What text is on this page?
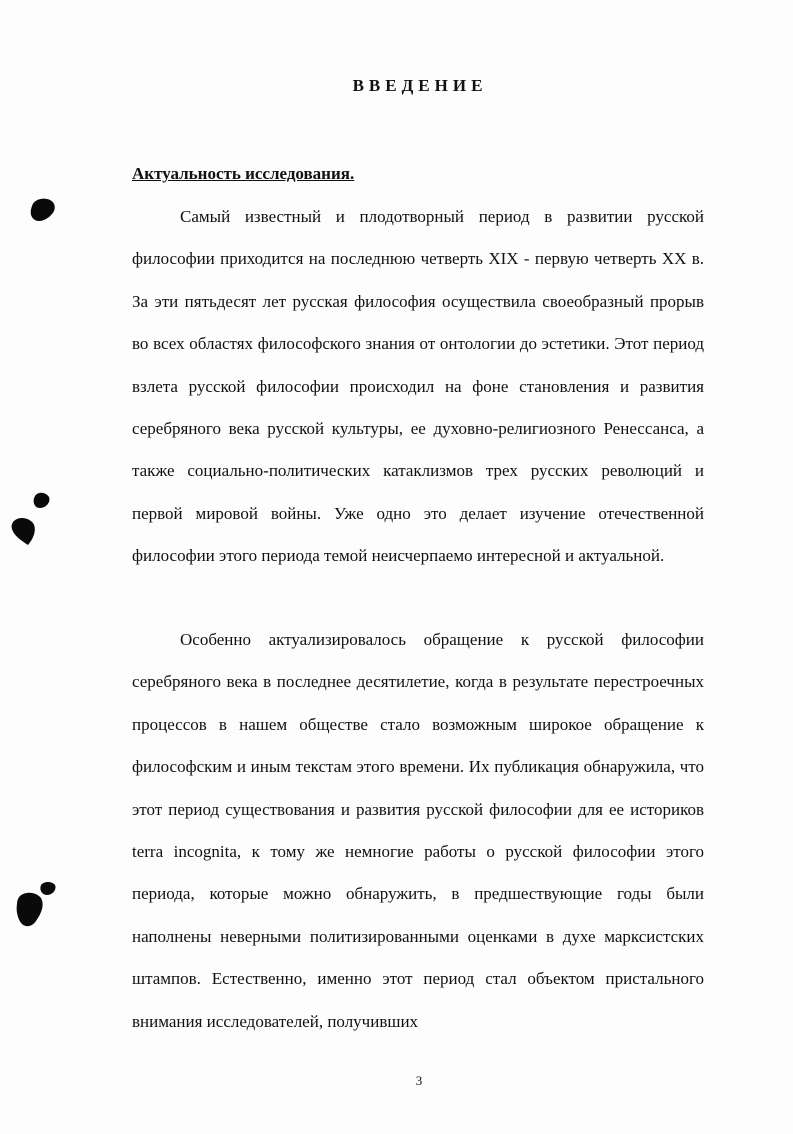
ВВЕДЕНИЕ
Актуальность исследования.

Самый известный и плодотворный период в развитии русской философии приходится на последнюю четверть XIX - первую четверть XX в. За эти пятьдесят лет русская философия осуществила своеобразный прорыв во всех областях философского знания от онтологии до эстетики. Этот период взлета русской философии происходил на фоне становления и развития серебряного века русской культуры, ее духовно-религиозного Ренессанса, а также социально-политических катаклизмов трех русских революций и первой мировой войны. Уже одно это делает изучение отечественной философии этого периода темой неисчерпаемо интересной и актуальной.

Особенно актуализировалось обращение к русской философии серебряного века в последнее десятилетие, когда в результате перестроечных процессов в нашем обществе стало возможным широкое обращение к философским и иным текстам этого времени. Их публикация обнаружила, что этот период существования и развития русской философии для ее историков terra incognita, к тому же немногие работы о русской философии этого периода, которые можно обнаружить, в предшествующие годы были наполнены неверными политизированными оценками в духе марксистских штампов. Естественно, именно этот период стал объектом пристального внимания исследователей, получивших

3
